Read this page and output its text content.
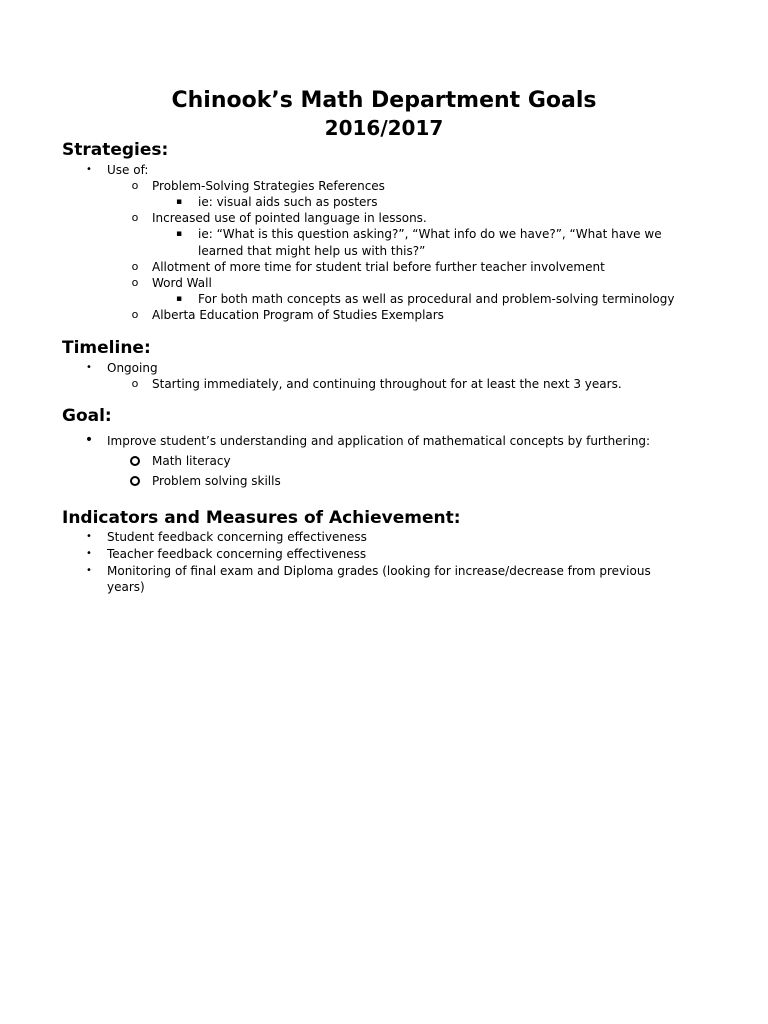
Chinook’s Math Department Goals
2016/2017
Strategies:
•	Use of:
o	Problem-Solving Strategies References
▪	ie: visual aids such as posters
o	Increased use of pointed language in lessons.
▪	ie: “What is this question asking?”, “What info do we have?”, “What have we learned that might help us with this?”
o	Allotment of more time for student trial before further teacher involvement
o	Word Wall
▪	For both math concepts as well as procedural and problem-solving terminology
o	Alberta Education Program of Studies Exemplars
Timeline:
•	Ongoing
o	Starting immediately, and continuing throughout for at least the next 3 years.
Goal:
• Improve student’s understanding and application of mathematical concepts by furthering:
Math literacy
Problem solving skills
Indicators and Measures of Achievement:
•	Student feedback concerning effectiveness
•	Teacher feedback concerning effectiveness
•	Monitoring of final exam and Diploma grades (looking for increase/decrease from previous years)
